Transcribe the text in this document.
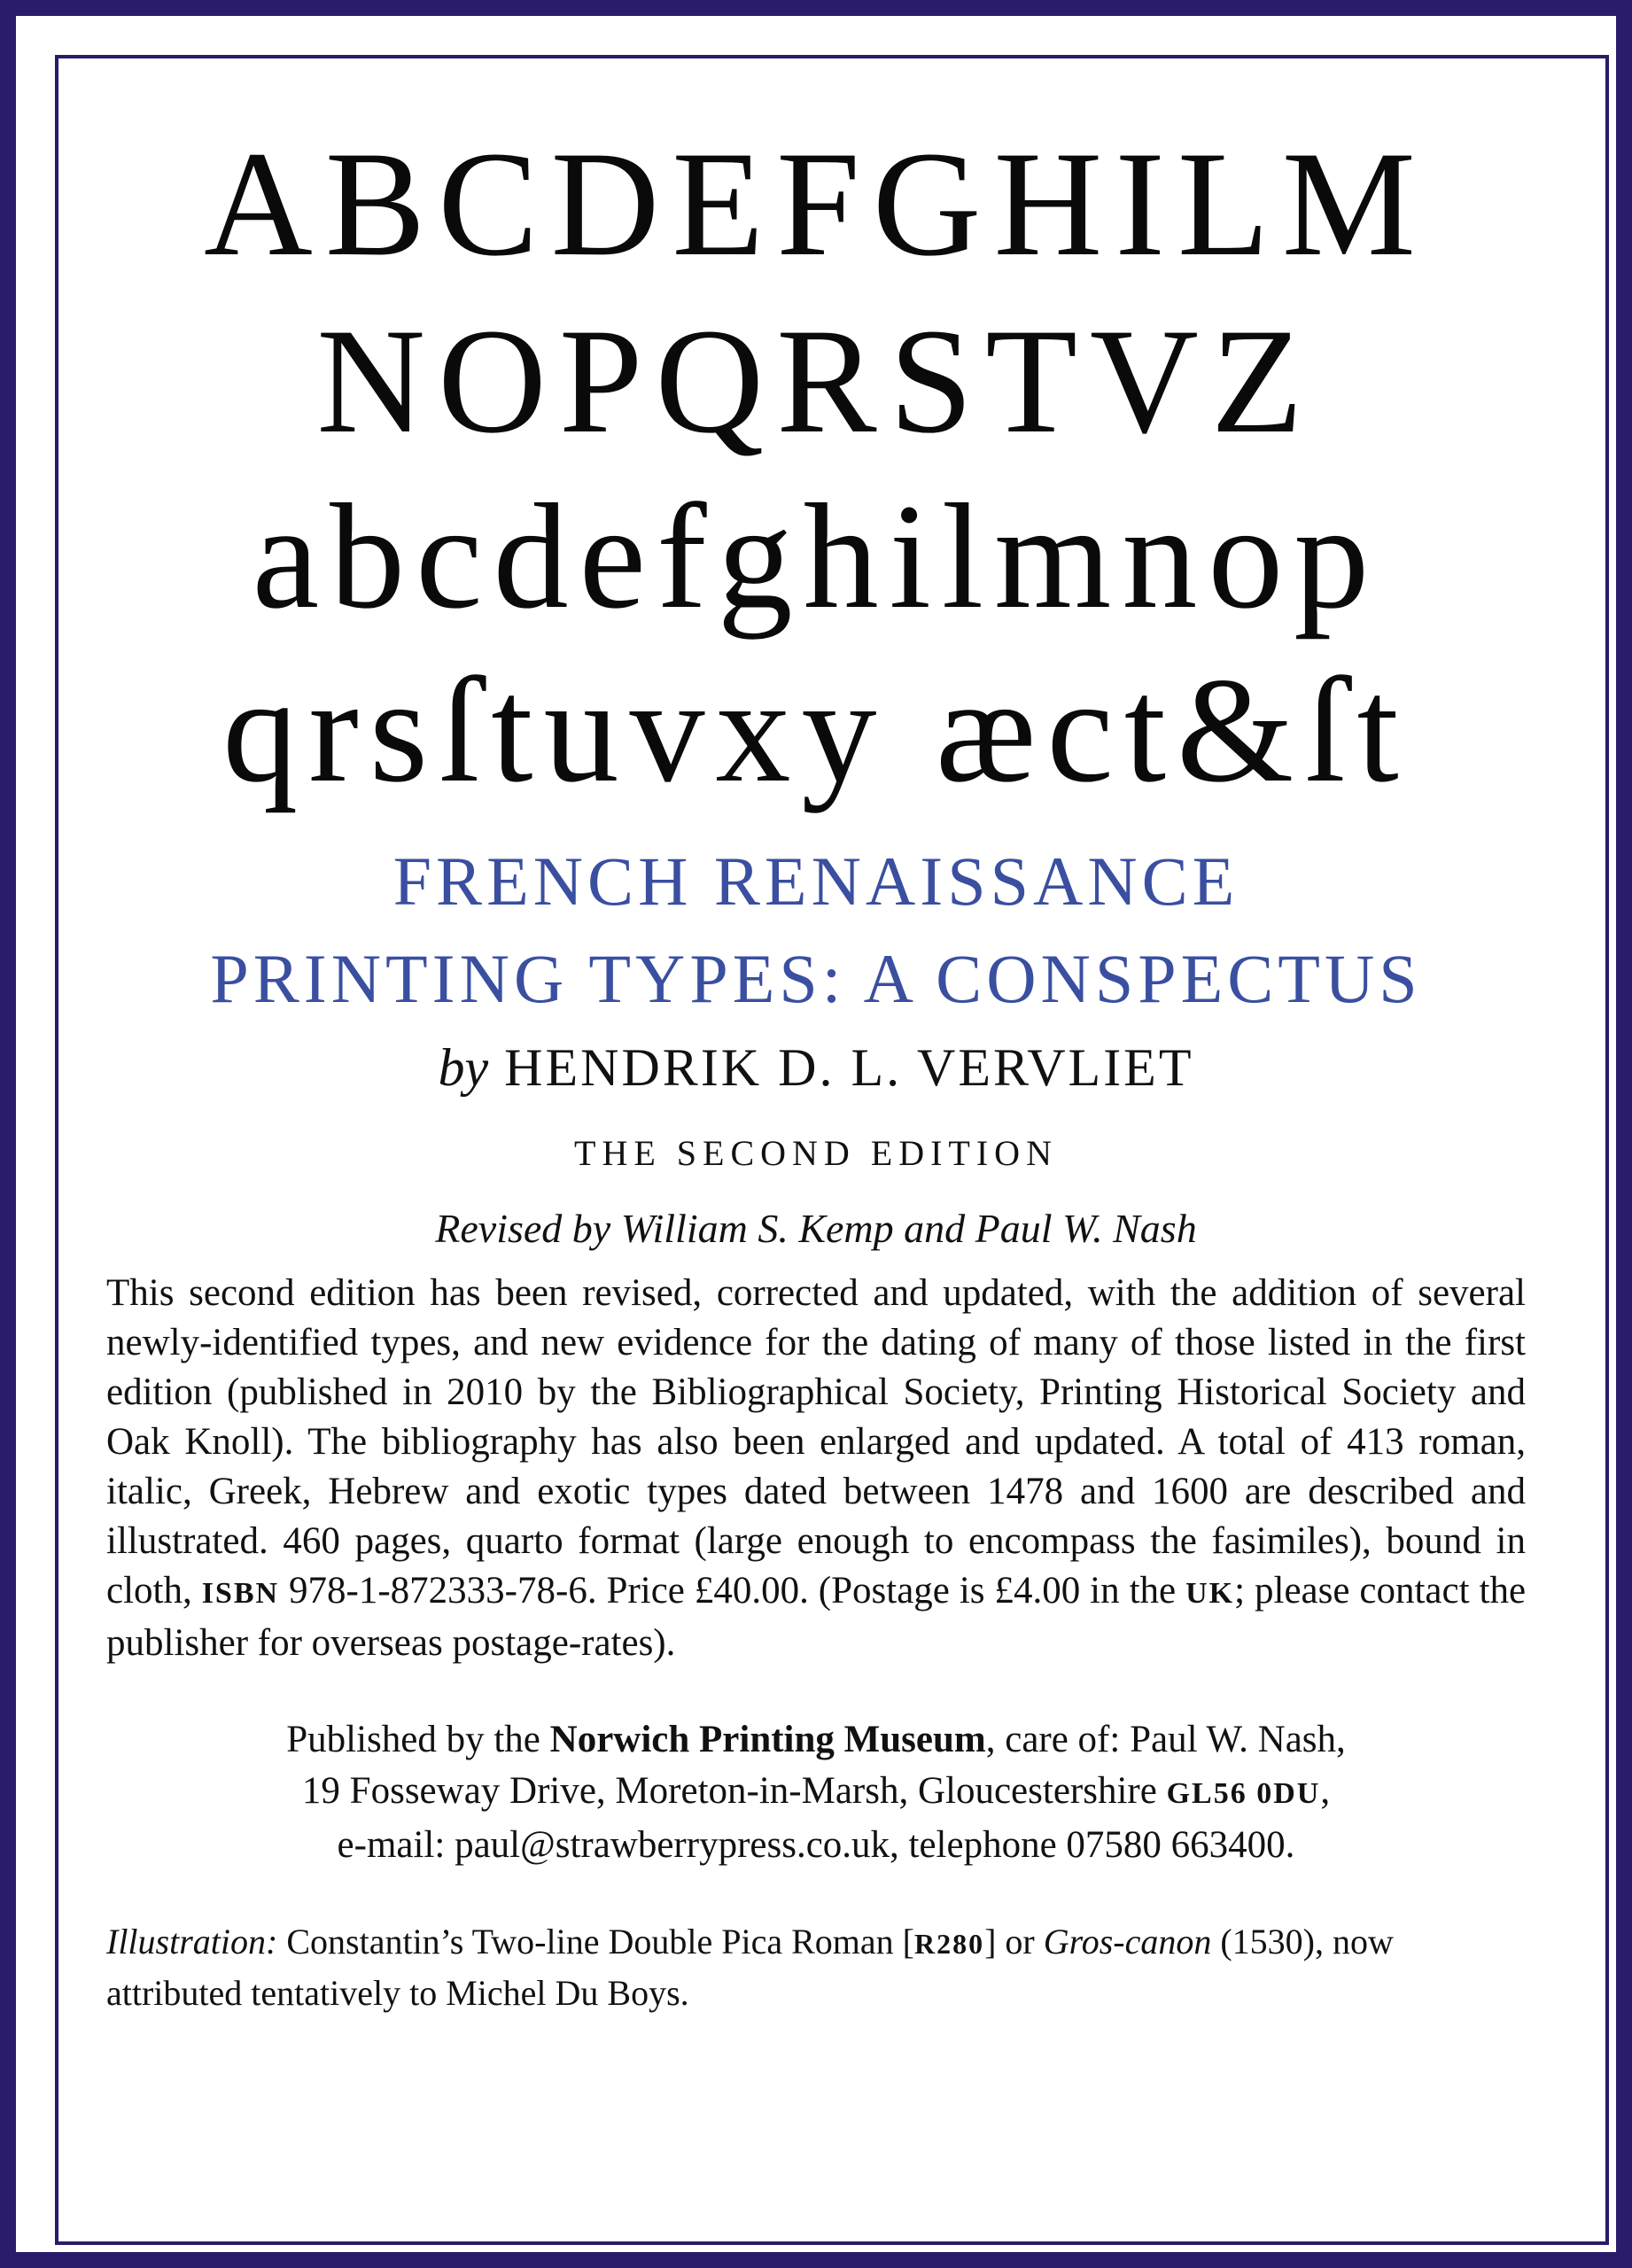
ABCDEFGHILM
NOPQRSTVZ
abcdefghilmnop
qrsſtuvxy æct&ſt
FRENCH RENAISSANCE
PRINTING TYPES: A CONSPECTUS
by HENDRIK D. L. VERVLIET
THE SECOND EDITION
Revised by William S. Kemp and Paul W. Nash
This second edition has been revised, corrected and updated, with the addition of several newly-identified types, and new evidence for the dating of many of those listed in the first edition (published in 2010 by the Bibliographical Society, Printing Historical Society and Oak Knoll). The bibliography has also been enlarged and updated. A total of 413 roman, italic, Greek, Hebrew and exotic types dated between 1478 and 1600 are described and illustrated. 460 pages, quarto format (large enough to encompass the fasimiles), bound in cloth, ISBN 978-1-872333-78-6. Price £40.00. (Postage is £4.00 in the UK; please contact the publisher for overseas postage-rates).
Published by the Norwich Printing Museum, care of: Paul W. Nash,
19 Fosseway Drive, Moreton-in-Marsh, Gloucestershire GL56 0DU,
e-mail: paul@strawberrypress.co.uk, telephone 07580 663400.
Illustration: Constantin’s Two-line Double Pica Roman [R280] or Gros-canon (1530), now attributed tentatively to Michel Du Boys.
